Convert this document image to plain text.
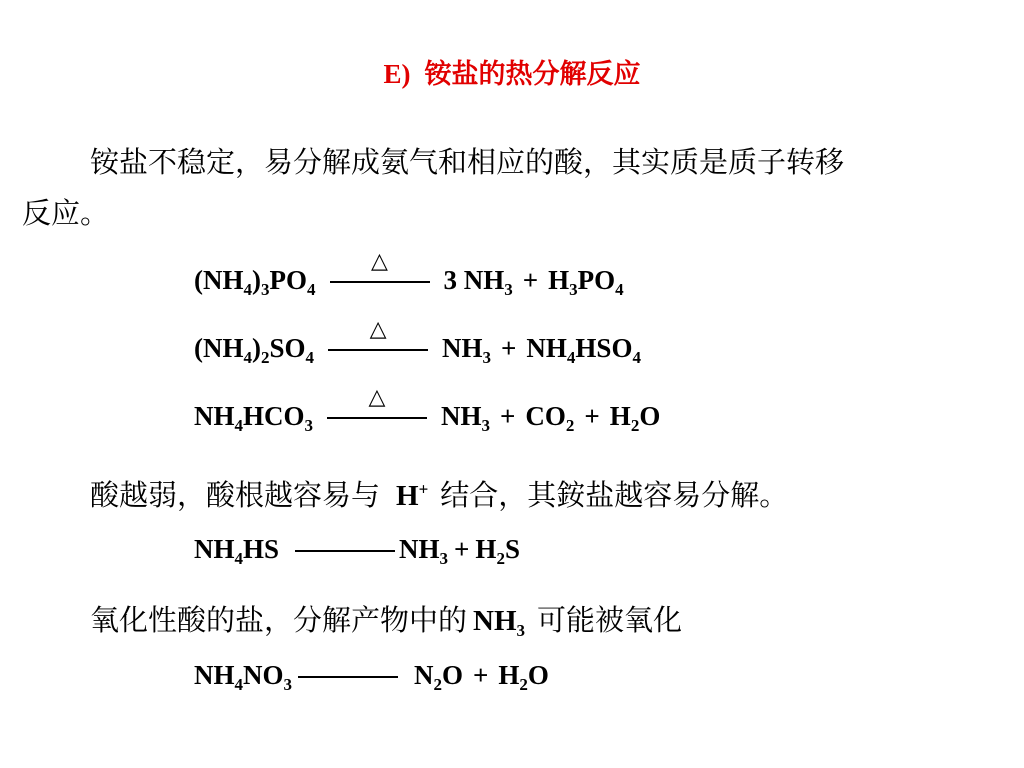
E) 铵盐的热分解反应
铵盐不稳定，易分解成氨气和相应的酸，其实质是质子转移
反应。
$(NH_4)_3PO_4$
△
3 $NH_3 + H_3PO_4$
$(NH_4)_2SO_4$
△
$NH_3 + NH_4HSO_4$
$NH_4HCO_3$
△
$NH_3 + CO_2 + H_2O$
酸越弱，酸根越容易与 H+ 结合，其銨盐越容易分解。
$NH_4HS$	$NH_3 + H_2S$
氧化性酸的盐，分解产物中的 $NH_3$ 可能被氧化
$NH_4NO_3$	$N_2O + H_2O$
